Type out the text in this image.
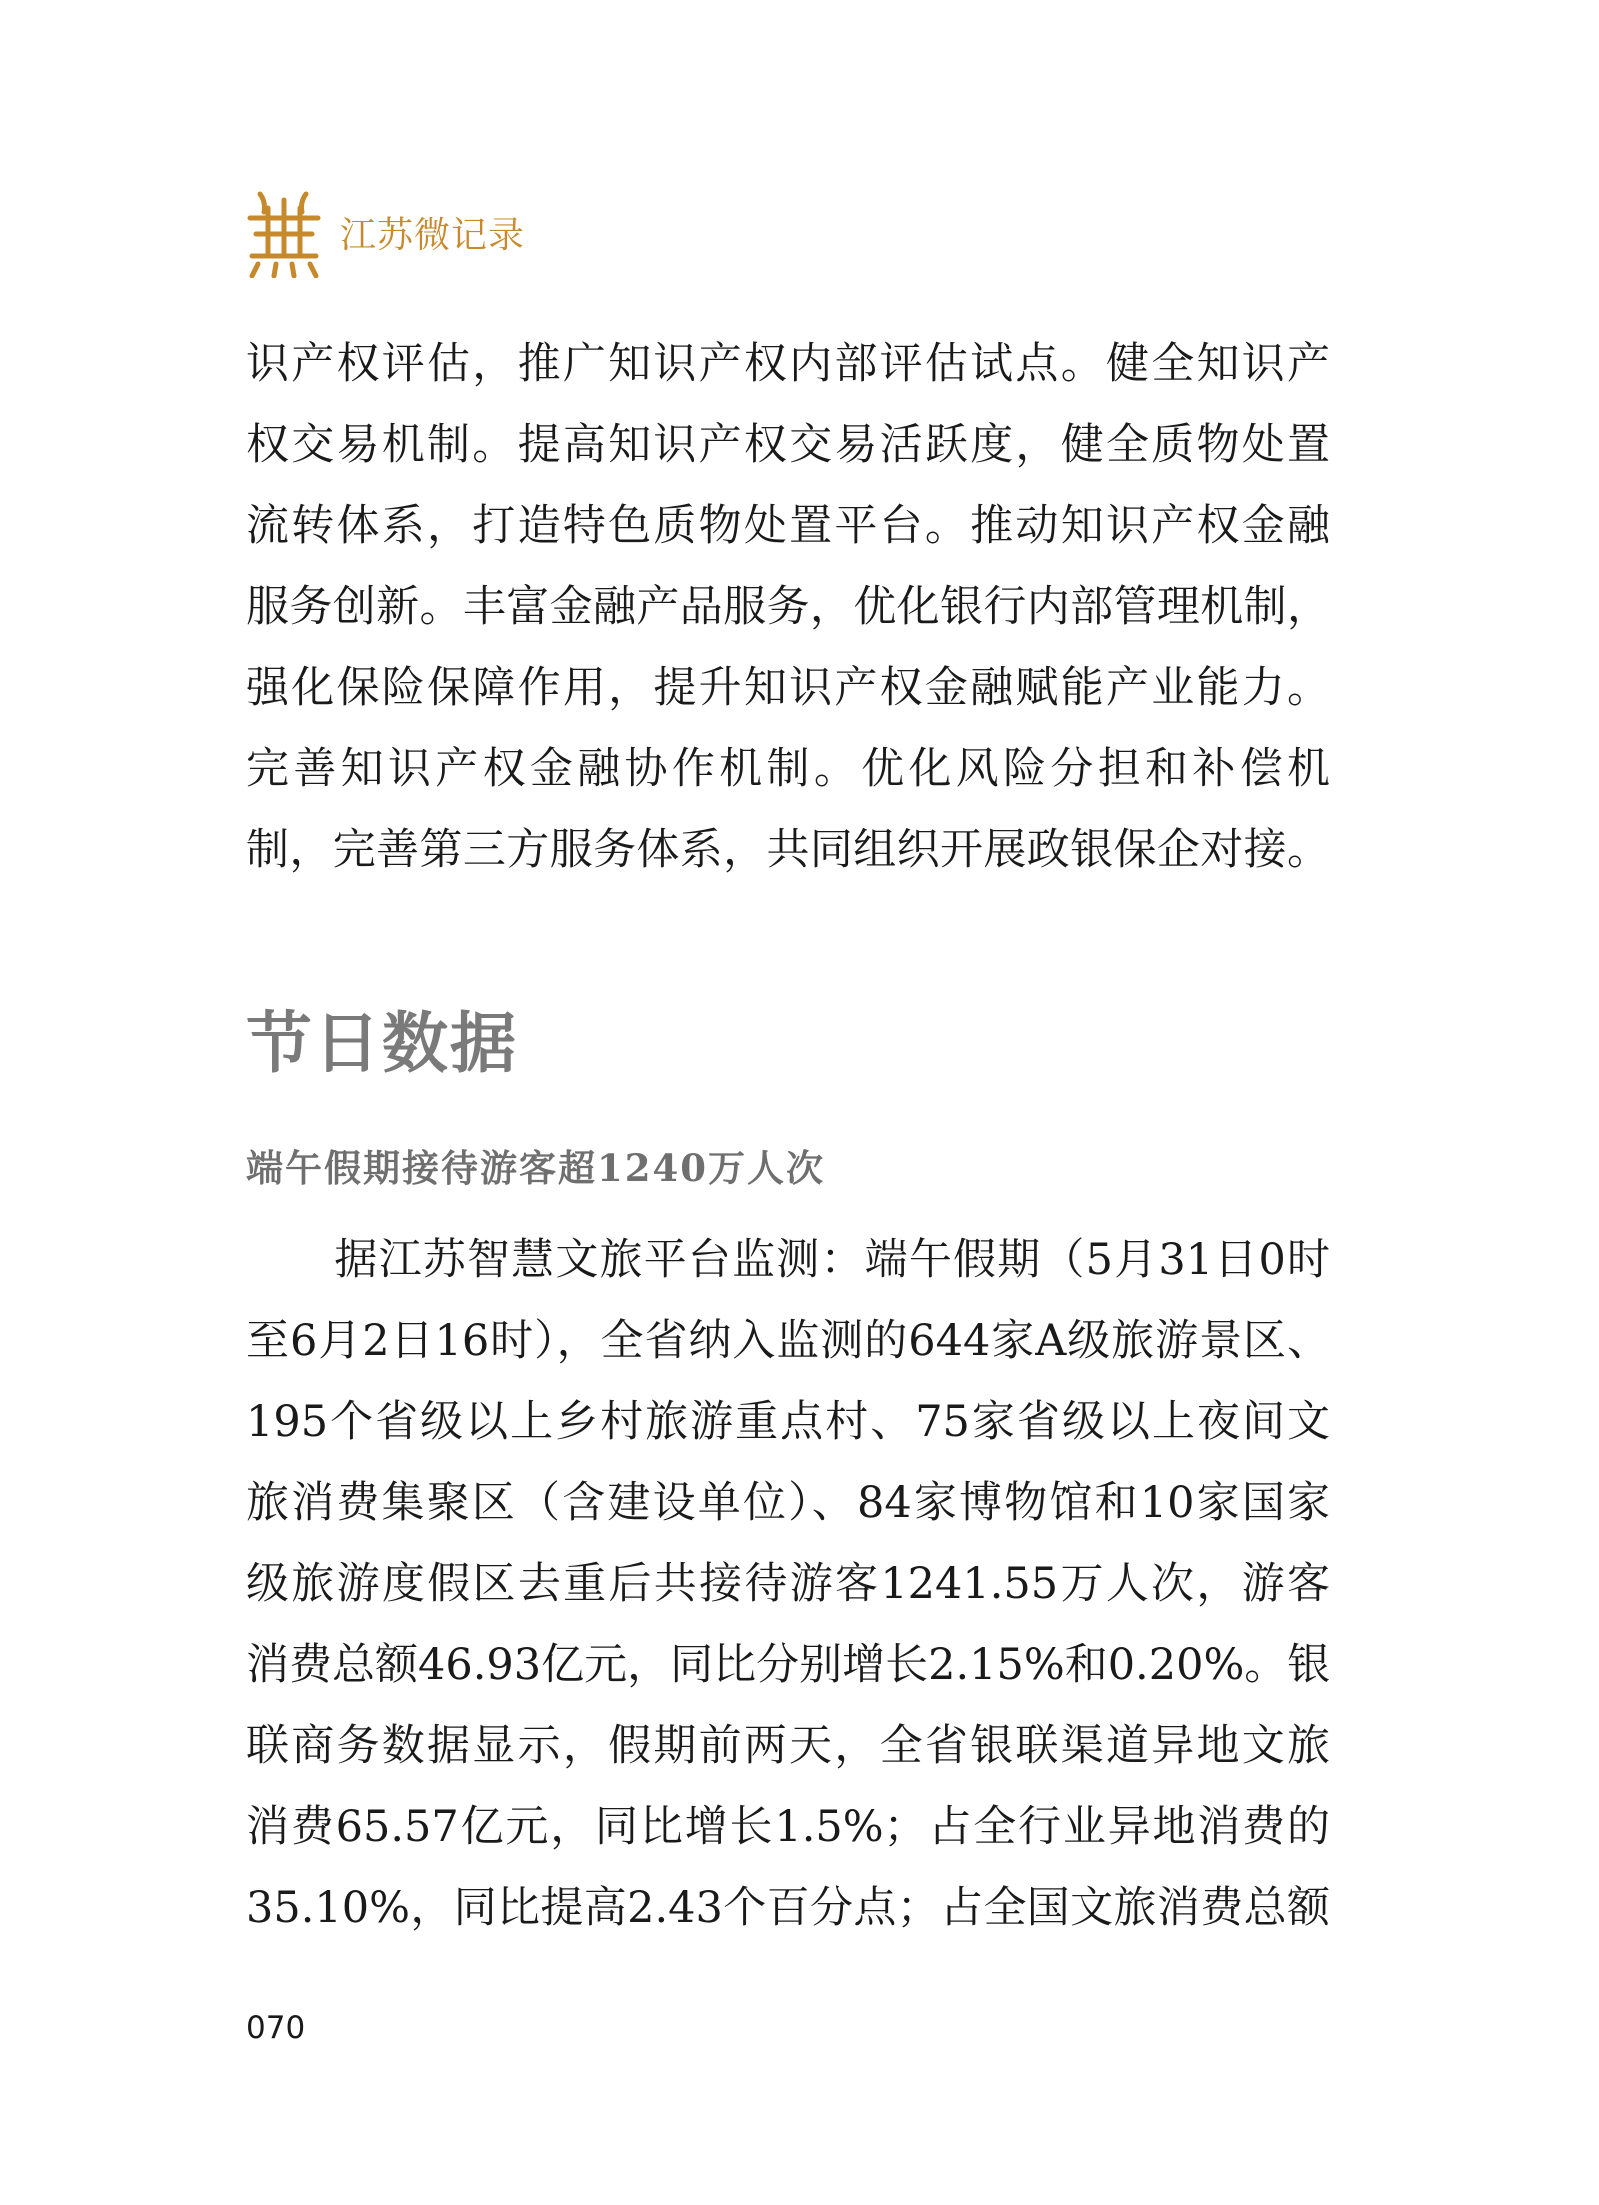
江苏微记录
识产权评估，推广知识产权内部评估试点。健全知识产
权交易机制。提高知识产权交易活跃度，健全质物处置
流转体系，打造特色质物处置平台。推动知识产权金融
服务创新。丰富金融产品服务，优化银行内部管理机制，
强化保险保障作用，提升知识产权金融赋能产业能力。
完善知识产权金融协作机制。优化风险分担和补偿机
制，完善第三方服务体系，共同组织开展政银保企对接。
节日数据
端午假期接待游客超1240万人次
　　据江苏智慧文旅平台监测：端午假期（5月31日0时
至6月2日16时），全省纳入监测的644家A级旅游景区、
195个省级以上乡村旅游重点村、75家省级以上夜间文
旅消费集聚区（含建设单位）、84家博物馆和10家国家
级旅游度假区去重后共接待游客1241.55万人次，游客
消费总额46.93亿元，同比分别增长2.15%和0.20%。银
联商务数据显示，假期前两天，全省银联渠道异地文旅
消费65.57亿元，同比增长1.5%；占全行业异地消费的
35.10%，同比提高2.43个百分点；占全国文旅消费总额
070
